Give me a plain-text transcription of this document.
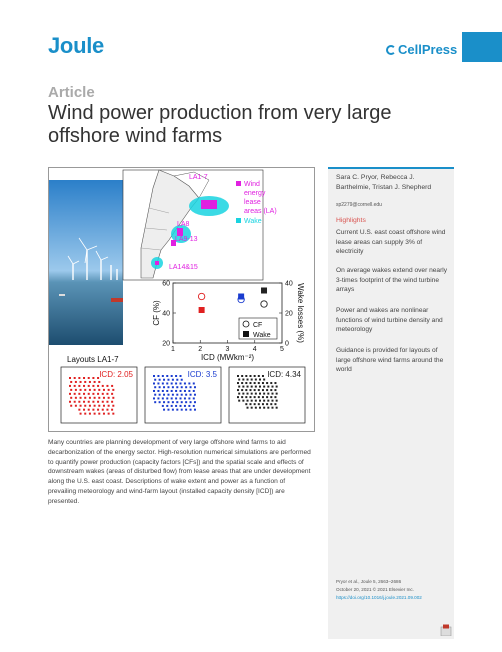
Joule	CellPress
Article
Wind power production from very large offshore wind farms
LA1-7
LA8
LA9-13
LA14&15
Wind energy lease areas (LA)
Wake
1	2	3	4	5
20
40
60
0
20
40
ICD (MWkm⁻²)
CF (%)	Wake losses (%)
CF
Wake
Layouts LA1-7
ICD: 2.05	ICD: 3.5	ICD: 4.34
Many countries are planning development of very large offshore wind farms to aid decarbonization of the energy sector. High-resolution numerical simulations are performed to quantify power production (capacity factors [CFs]) and the spatial scale and effects of downstream wakes (areas of disturbed flow) from lease areas that are under development along the U.S. east coast. Descriptions of wake extent and power as a function of prevailing meteorology and wind-farm layout (installed capacity density [ICD]) are presented.
Sara C. Pryor, Rebecca J. Barthelmie, Tristan J. Shepherd
sp2279@cornell.edu
Highlights
Current U.S. east coast offshore wind lease areas can supply 3% of electricity
On average wakes extend over nearly 3-times footprint of the wind turbine arrays
Power and wakes are nonlinear functions of wind turbine density and meteorology
Guidance is provided for layouts of large offshore wind farms around the world
Pryor et al., Joule 5, 2663–2686
October 20, 2021 © 2021 Elsevier Inc.
https://doi.org/10.1016/j.joule.2021.09.002
